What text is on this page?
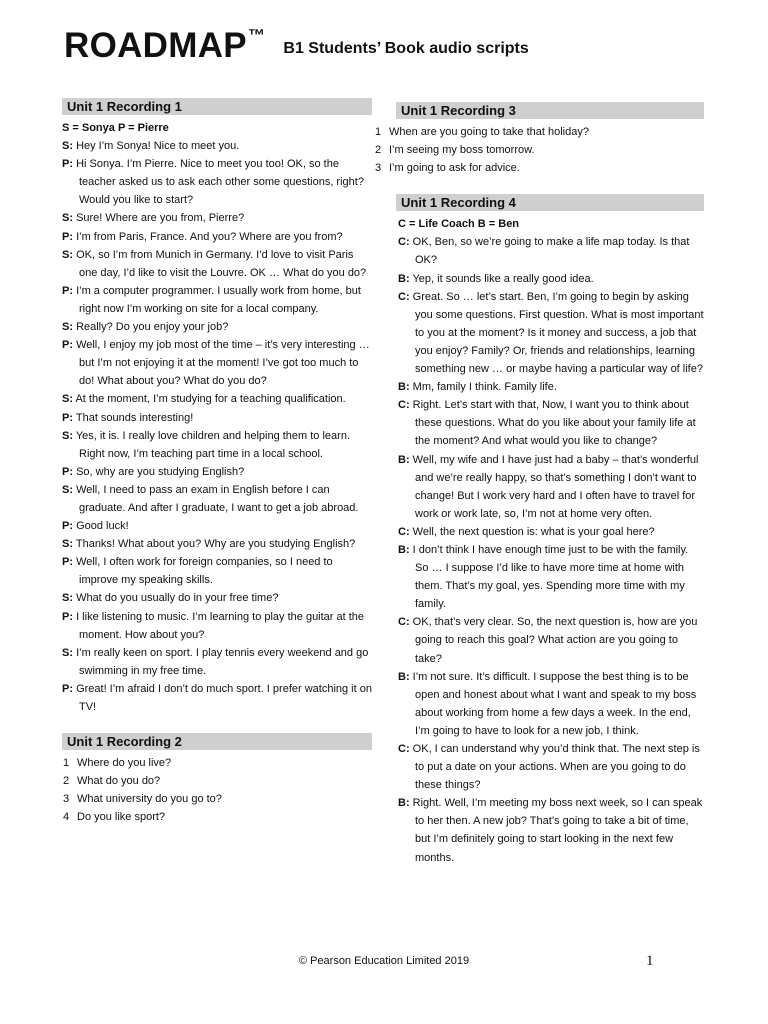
ROADMAP™ B1 Students’ Book audio scripts
Unit 1 Recording 1
S = Sonya P = Pierre
S: Hey I’m Sonya! Nice to meet you.
P: Hi Sonya. I’m Pierre. Nice to meet you too! OK, so the teacher asked us to ask each other some questions, right? Would you like to start?
S: Sure! Where are you from, Pierre?
P: I’m from Paris, France. And you? Where are you from?
S: OK, so I’m from Munich in Germany. I’d love to visit Paris one day, I’d like to visit the Louvre. OK … What do you do?
P: I’m a computer programmer. I usually work from home, but right now I’m working on site for a local company.
S: Really? Do you enjoy your job?
P: Well, I enjoy my job most of the time – it’s very interesting … but I’m not enjoying it at the moment! I’ve got too much to do! What about you? What do you do?
S: At the moment, I’m studying for a teaching qualification.
P: That sounds interesting!
S: Yes, it is. I really love children and helping them to learn. Right now, I’m teaching part time in a local school.
P: So, why are you studying English?
S: Well, I need to pass an exam in English before I can graduate. And after I graduate, I want to get a job abroad.
P: Good luck!
S: Thanks! What about you? Why are you studying English?
P: Well, I often work for foreign companies, so I need to improve my speaking skills.
S: What do you usually do in your free time?
P: I like listening to music. I’m learning to play the guitar at the moment. How about you?
S: I’m really keen on sport. I play tennis every weekend and go swimming in my free time.
P: Great! I’m afraid I don’t do much sport. I prefer watching it on TV!
Unit 1 Recording 2
1 Where do you live?
2 What do you do?
3 What university do you go to?
4 Do you like sport?
Unit 1 Recording 3
1 When are you going to take that holiday?
2 I’m seeing my boss tomorrow.
3 I’m going to ask for advice.
Unit 1 Recording 4
C = Life Coach B = Ben
C: OK, Ben, so we’re going to make a life map today. Is that OK?
B: Yep, it sounds like a really good idea.
C: Great. So … let’s start. Ben, I’m going to begin by asking you some questions. First question. What is most important to you at the moment? Is it money and success, a job that you enjoy? Family? Or, friends and relationships, learning something new … or maybe having a particular way of life?
B: Mm, family I think. Family life.
C: Right. Let’s start with that, Now, I want you to think about these questions. What do you like about your family life at the moment? And what would you like to change?
B: Well, my wife and I have just had a baby – that’s wonderful and we’re really happy, so that’s something I don’t want to change! But I work very hard and I often have to travel for work or work late, so, I’m not at home very often.
C: Well, the next question is: what is your goal here?
B: I don’t think I have enough time just to be with the family. So … I suppose I’d like to have more time at home with them. That’s my goal, yes. Spending more time with my family.
C: OK, that’s very clear. So, the next question is, how are you going to reach this goal? What action are you going to take?
B: I’m not sure. It’s difficult. I suppose the best thing is to be open and honest about what I want and speak to my boss about working from home a few days a week. In the end, I’m going to have to look for a new job, I think.
C: OK, I can understand why you’d think that. The next step is to put a date on your actions. When are you going to do these things?
B: Right. Well, I’m meeting my boss next week, so I can speak to her then. A new job? That’s going to take a bit of time, but I’m definitely going to start looking in the next few months.
© Pearson Education Limited 2019	1
